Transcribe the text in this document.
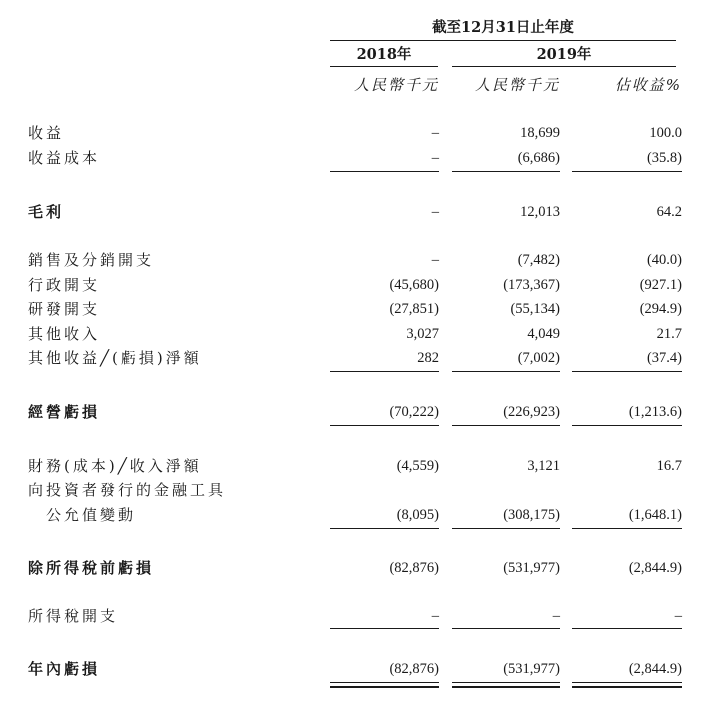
截至12月31日止年度
2018年	2019年
人民幣千元 人民幣千元	佔收益%
收益	–	18,699	100.0
收益成本	–	(6,686)	(35.8)
毛利	–	12,013	64.2
銷售及分銷開支	–	(7,482)	(40.0)
行政開支	(45,680)	(173,367)	(927.1)
研發開支	(27,851)	(55,134)	(294.9)
其他收入	3,027	4,049	21.7
其他收益╱(虧損)淨額	282	(7,002)	(37.4)
經營虧損	(70,222)	(226,923)	(1,213.6)
財務(成本)╱收入淨額	(4,559)	3,121	16.7
向投資者發行的金融工具
公允值變動	(8,095)	(308,175)	(1,648.1)
除所得稅前虧損	(82,876)	(531,977)	(2,844.9)
所得稅開支	–	–	–
年內虧損	(82,876)	(531,977)	(2,844.9)
